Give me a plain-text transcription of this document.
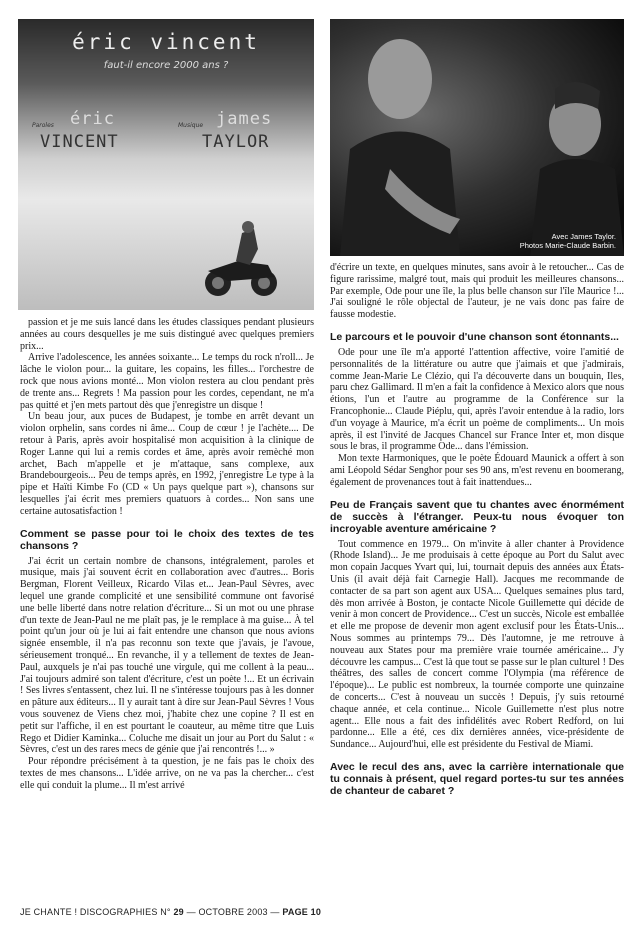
éric vincent
faut-il encore 2000 ans ?
Paroles éric
VINCENT
Musique james
TAYLOR
Avec James Taylor.
Photos Marie-Claude Barbin.

passion et je me suis lancé dans les études classiques pendant plusieurs années au cours desquelles je me suis distingué avec quelques premiers prix...

Arrive l'adolescence, les années soixante... Le temps du rock n'roll... Je lâche le violon pour... la guitare, les copains, les filles... l'orchestre de rock que nous avions monté... Mon violon restera au clou pendant près de trente ans... Regrets ! Ma passion pour les cordes, cependant, ne m'a pas quitté et j'en mets partout dès que j'enregistre un disque !

Un beau jour, aux puces de Budapest, je tombe en arrêt devant un violon orphelin, sans cordes ni âme... Coup de cœur ! je l'achète.... De retour à Paris, après avoir hospitalisé mon acquisition à la clinique de Roger Lanne qui lui a remis cordes et âme, après avoir remèché mon archet, Bach m'appelle et je m'attaque, sans complexe, aux Brandebourgeois... Peu de temps après, en 1992, j'enregistre Le type à la pipe et Haïti Kimbe Fo (CD « Un pays quelque part »), chansons sur lesquelles j'ai écrit mes premiers quatuors à cordes... Non sans une certaine autosatisfaction !

Comment se passe pour toi le choix des textes de tes chansons ?

J'ai écrit un certain nombre de chansons, intégralement, paroles et musique, mais j'ai souvent écrit en collaboration avec d'autres... Boris Bergman, Florent Veilleux, Ricardo Vilas et... Jean-Paul Sèvres, avec lequel une grande complicité et une sensibilité commune ont favorisé une belle liberté dans notre relation d'écriture... Si un mot ou une phrase d'un texte de Jean-Paul ne me plaît pas, je le remplace à ma guise... À tel point qu'un jour où je lui ai fait entendre une chanson que nous avions signée ensemble, il n'a pas reconnu son texte que j'avais, je l'avoue, sérieusement tronqué... En revanche, il y a tellement de textes de Jean-Paul, auxquels je n'ai pas touché une virgule, qui me collent à la peau... J'ai toujours admiré son talent d'écriture, c'est un poète !... Et un écrivain ! Ses livres s'entassent, chez lui. Il ne s'intéresse toujours pas à les donner en pâture aux éditeurs... Il y aurait tant à dire sur Jean-Paul Sèvres ! Vous vous souvenez de Viens chez moi, j'habite chez une copine ? Il est en petit sur l'affiche, il en est pourtant le coauteur, au même titre que Luis Rego et Didier Kaminka... Coluche me disait un jour au Port du Salut : « Sèvres, c'est un des rares mecs de génie que j'ai rencontrés !... »

Pour répondre précisément à ta question, je ne fais pas le choix des textes de mes chansons... L'idée arrive, on ne va pas la chercher... c'est elle qui conduit la plume... Il m'est arrivé

d'écrire un texte, en quelques minutes, sans avoir à le retoucher... Cas de figure rarissime, malgré tout, mais qui produit les meilleures chansons... Par exemple, Ode pour une île, la plus belle chanson sur l'île Maurice !... J'ai souligné le rôle objectal de l'auteur, je ne vais donc pas faire de fausse modestie.

Le parcours et le pouvoir d'une chanson sont étonnants...

Ode pour une île m'a apporté l'attention affective, voire l'amitié de personnalités de la littérature ou autre que j'aimais et que j'admirais, comme Jean-Marie Le Clézio, qui l'a découverte dans un bouquin, Iles, paru chez Gallimard. Il m'en a fait la confidence à Mexico alors que nous étions, l'un et l'autre au programme de la Conférence sur la Francophonie... Claude Piéplu, qui, après l'avoir entendue à la radio, lors d'un voyage à Maurice, m'a écrit un poème de compliments... Un mois après, il est l'invité de Jacques Chancel sur France Inter et, mon disque sous le bras, il programme Ode... dans l'émission.

Mon texte Harmoniques, que le poète Édouard Maunick a offert à son ami Léopold Sédar Senghor pour ses 90 ans, m'est revenu en boomerang, également de provenances tout à fait inattendues...

Peu de Français savent que tu chantes avec énormément de succès à l'étranger. Peux-tu nous évoquer ton incroyable aventure américaine ?

Tout commence en 1979... On m'invite à aller chanter à Providence (Rhode Island)... Je me produisais à cette époque au Port du Salut avec mon copain Jacques Yvart qui, lui, tournait depuis des années aux États-Unis (il avait déjà fait Carnegie Hall). Jacques me recommande de contacter de sa part son agent aux USA... Quelques semaines plus tard, dès mon arrivée à Boston, je contacte Nicole Guillemette qui décide de venir à mon concert de Providence... C'est un succès, Nicole est emballée et elle me propose de devenir mon agent exclusif pour les États-Unis... Nous sommes au printemps 79... Dès l'automne, je me retrouve à nouveau aux States pour ma première vraie tournée américaine... J'y découvre les campus... C'est là que tout se passe sur le plan culturel ! Des théâtres, des salles de concert comme l'Olympia (ma référence de l'époque)... Le public est nombreux, la tournée comporte une quinzaine de concerts... C'est à nouveau un succès ! Depuis, j'y suis retourné chaque année, et cela continue... Nicole Guillemette n'est plus notre agent... Elle nous a fait des infidélités avec Robert Redford, on lui pardonne... Elle a été, ces dix dernières années, vice-présidente de Sundance... Aujourd'hui, elle est présidente du Festival de Miami.

Avec le recul des ans, avec la carrière internationale que tu connais à présent, quel regard portes-tu sur tes années de chanteur de cabaret ?
JE CHANTE ! DISCOGRAPHIES N° 29 — OCTOBRE 2003 — PAGE 10
